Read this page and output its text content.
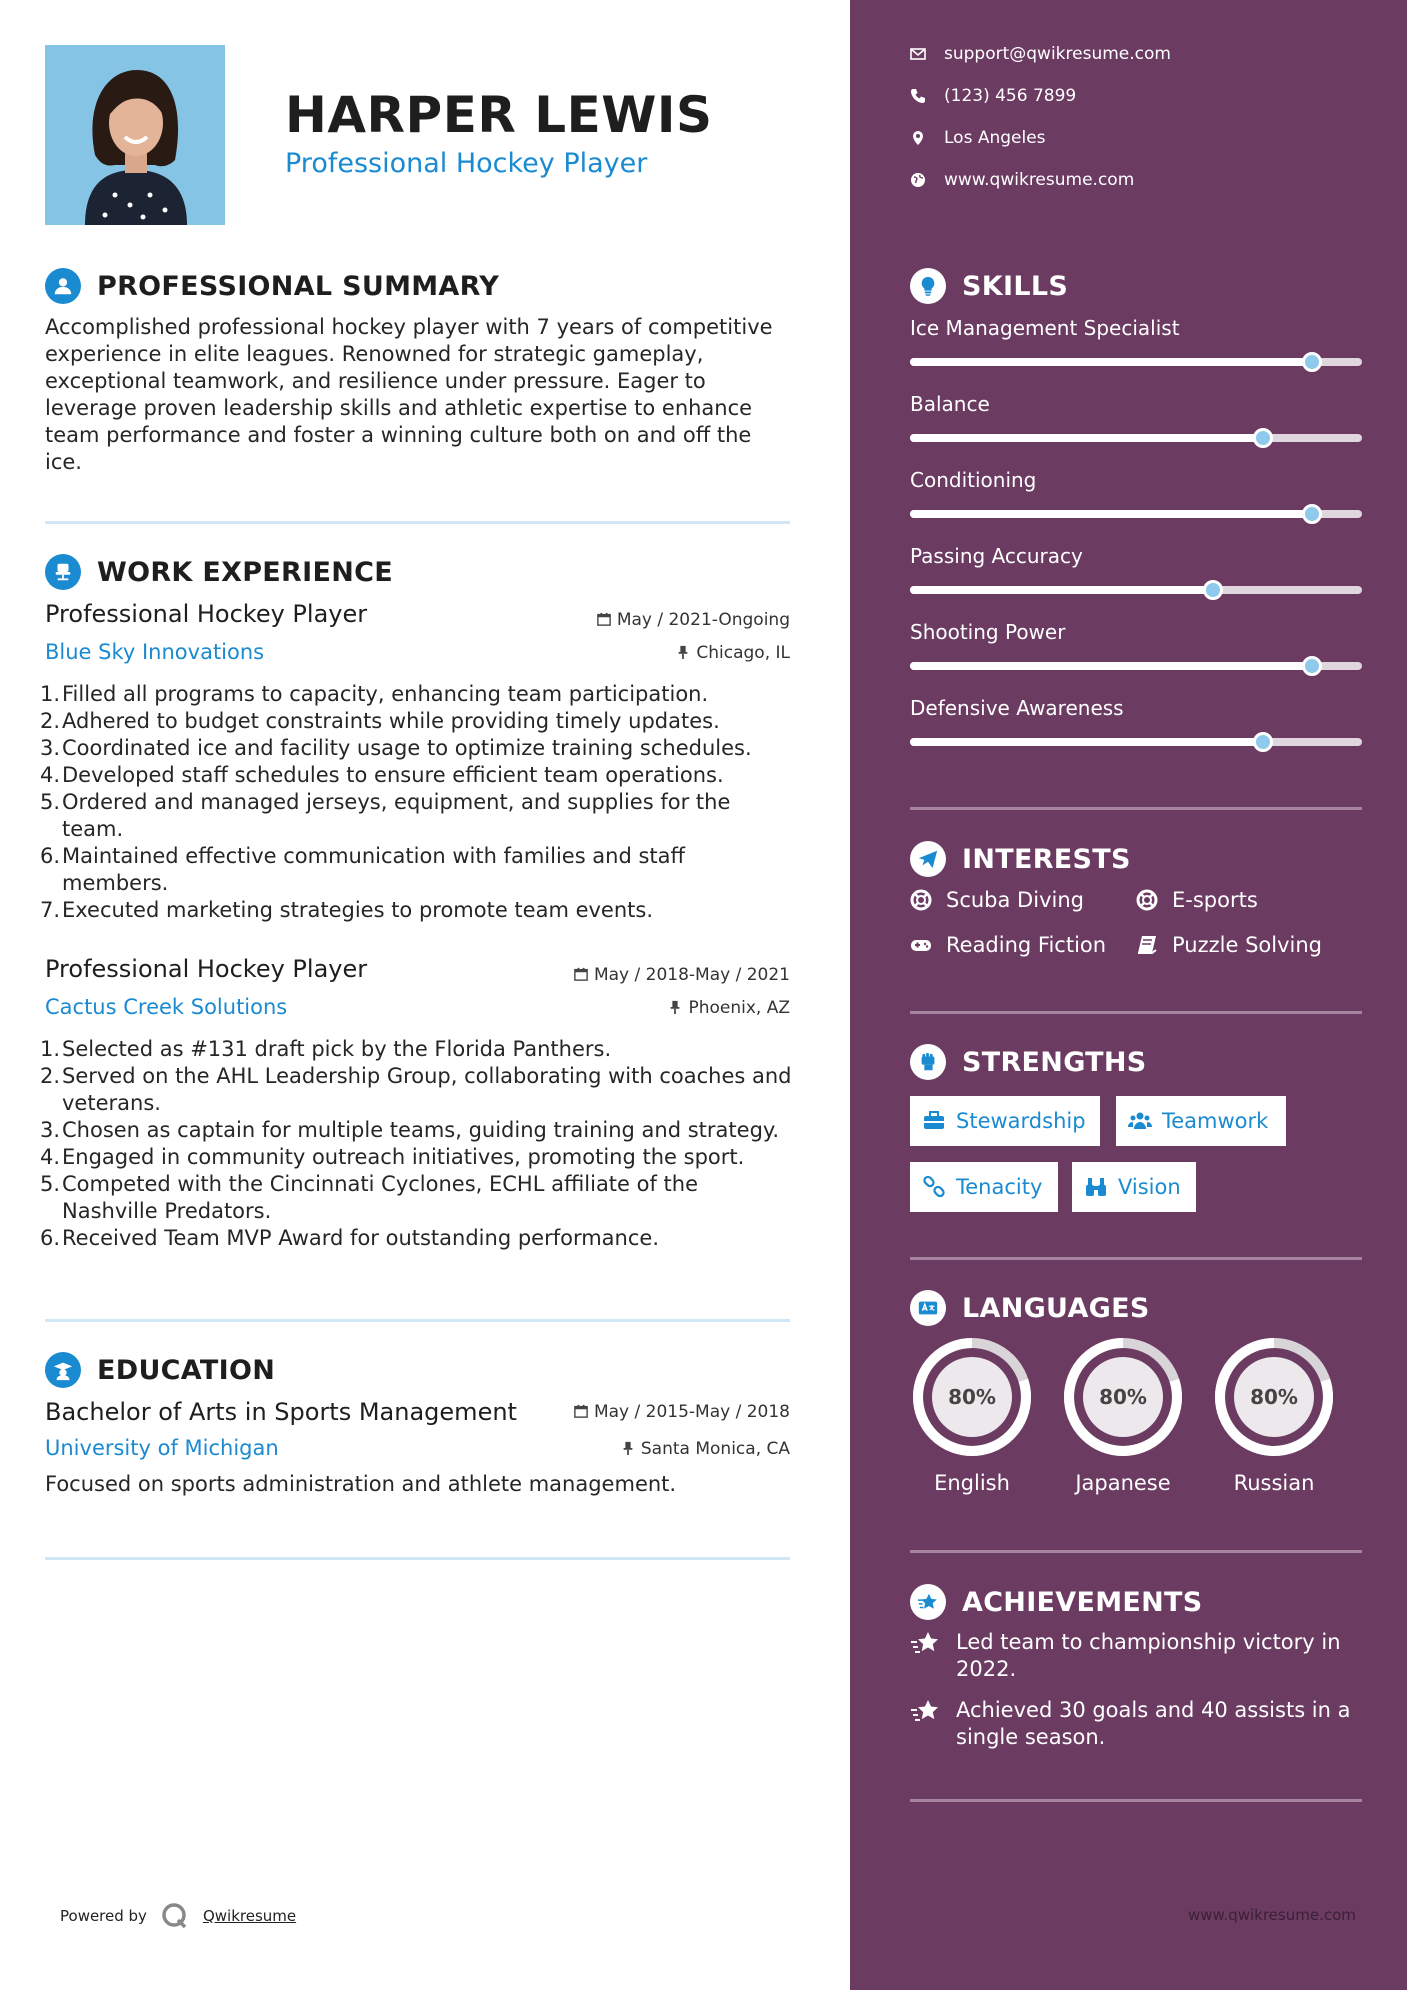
HARPER LEWIS
Professional Hockey Player
PROFESSIONAL SUMMARY
Accomplished professional hockey player with 7 years of competitive experience in elite leagues. Renowned for strategic gameplay, exceptional teamwork, and resilience under pressure. Eager to leverage proven leadership skills and athletic expertise to enhance team performance and foster a winning culture both on and off the ice.
WORK EXPERIENCE
Professional Hockey Player	May / 2021-Ongoing
Blue Sky Innovations	Chicago, IL
1. Filled all programs to capacity, enhancing team participation.
2. Adhered to budget constraints while providing timely updates.
3. Coordinated ice and facility usage to optimize training schedules.
4. Developed staff schedules to ensure efficient team operations.
5. Ordered and managed jerseys, equipment, and supplies for the team.
6. Maintained effective communication with families and staff members.
7. Executed marketing strategies to promote team events.
Professional Hockey Player	May / 2018-May / 2021
Cactus Creek Solutions	Phoenix, AZ
1. Selected as #131 draft pick by the Florida Panthers.
2. Served on the AHL Leadership Group, collaborating with coaches and veterans.
3. Chosen as captain for multiple teams, guiding training and strategy.
4. Engaged in community outreach initiatives, promoting the sport.
5. Competed with the Cincinnati Cyclones, ECHL affiliate of the Nashville Predators.
6. Received Team MVP Award for outstanding performance.
EDUCATION
Bachelor of Arts in Sports Management	May / 2015-May / 2018
University of Michigan	Santa Monica, CA
Focused on sports administration and athlete management.
Powered by	Qwikresume
support@qwikresume.com
(123) 456 7899
Los Angeles
www.qwikresume.com
SKILLS
Ice Management Specialist
Balance
Conditioning
Passing Accuracy
Shooting Power
Defensive Awareness
INTERESTS
Scuba Diving	E-sports
Reading Fiction	Puzzle Solving
STRENGTHS
Stewardship	Teamwork
Tenacity	Vision
LANGUAGES
80%
English
80%
Japanese
80%
Russian
ACHIEVEMENTS
Led team to championship victory in 2022.
Achieved 30 goals and 40 assists in a single season.
www.qwikresume.com
